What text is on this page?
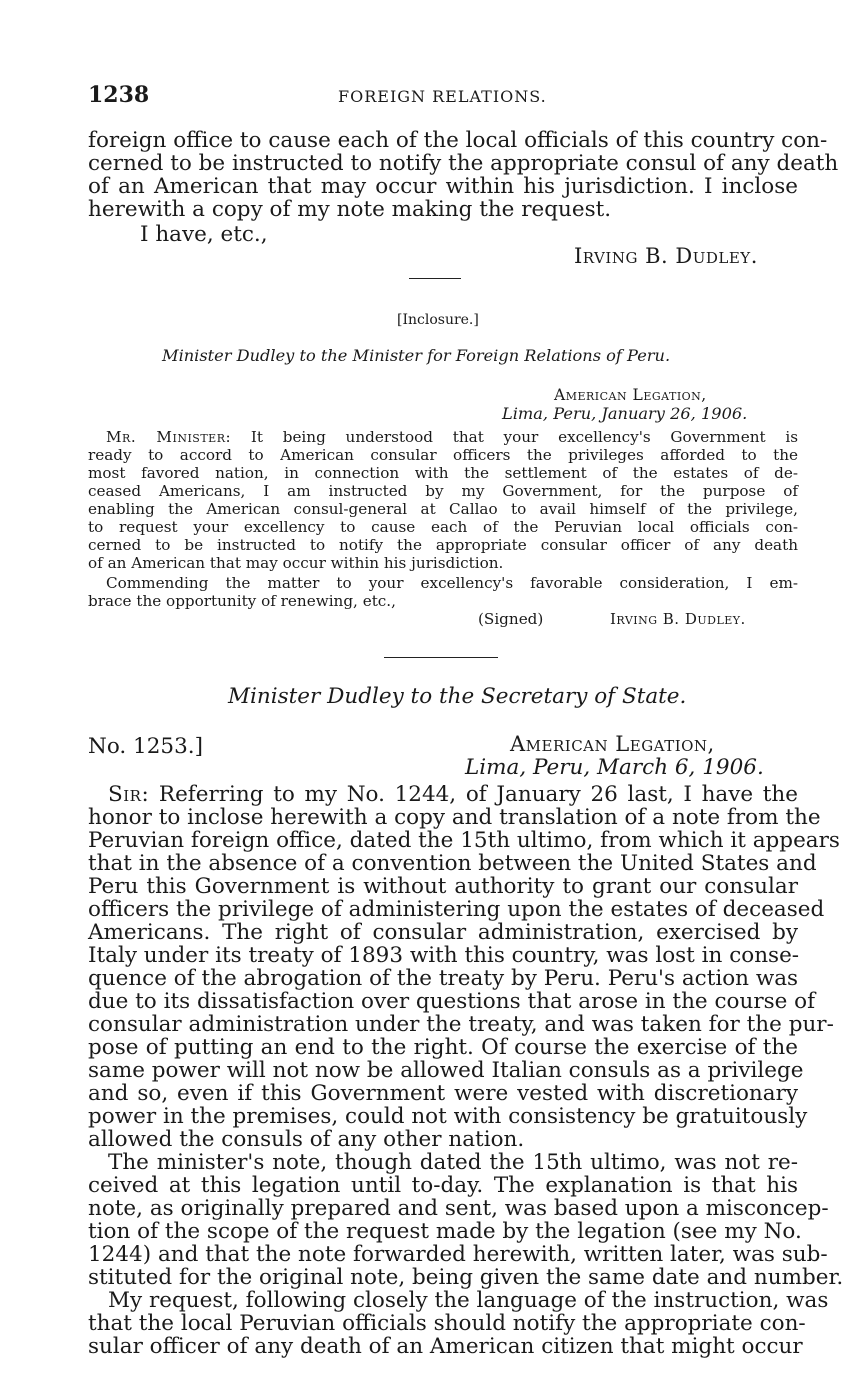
1238	FOREIGN RELATIONS.
foreign office to cause each of the local officials of this country con-
cerned to be instructed to notify the appropriate consul of any death
of an American that may occur within his jurisdiction. I inclose
herewith a copy of my note making the request.
I have, etc.,
Irving B. Dudley.
[Inclosure.]
Minister Dudley to the Minister for Foreign Relations of Peru.
American Legation,
Lima, Peru, January 26, 1906.
Mr. Minister: It being understood that your excellency's Government is
ready to accord to American consular officers the privileges afforded to the
most favored nation, in connection with the settlement of the estates of de-
ceased Americans, I am instructed by my Government, for the purpose of
enabling the American consul-general at Callao to avail himself of the privilege,
to request your excellency to cause each of the Peruvian local officials con-
cerned to be instructed to notify the appropriate consular officer of any death
of an American that may occur within his jurisdiction.
Commending the matter to your excellency's favorable consideration, I em-
brace the opportunity of renewing, etc.,
(Signed)	Irving B. Dudley.
Minister Dudley to the Secretary of State.
No. 1253.]	American Legation,
Lima, Peru, March 6, 1906.
Sir: Referring to my No. 1244, of January 26 last, I have the
honor to inclose herewith a copy and translation of a note from the
Peruvian foreign office, dated the 15th ultimo, from which it appears
that in the absence of a convention between the United States and
Peru this Government is without authority to grant our consular
officers the privilege of administering upon the estates of deceased
Americans. The right of consular administration, exercised by
Italy under its treaty of 1893 with this country, was lost in conse-
quence of the abrogation of the treaty by Peru. Peru's action was
due to its dissatisfaction over questions that arose in the course of
consular administration under the treaty, and was taken for the pur-
pose of putting an end to the right. Of course the exercise of the
same power will not now be allowed Italian consuls as a privilege
and so, even if this Government were vested with discretionary
power in the premises, could not with consistency be gratuitously
allowed the consuls of any other nation.
The minister's note, though dated the 15th ultimo, was not re-
ceived at this legation until to-day. The explanation is that his
note, as originally prepared and sent, was based upon a misconcep-
tion of the scope of the request made by the legation (see my No.
1244) and that the note forwarded herewith, written later, was sub-
stituted for the original note, being given the same date and number.
My request, following closely the language of the instruction, was
that the local Peruvian officials should notify the appropriate con-
sular officer of any death of an American citizen that might occur
